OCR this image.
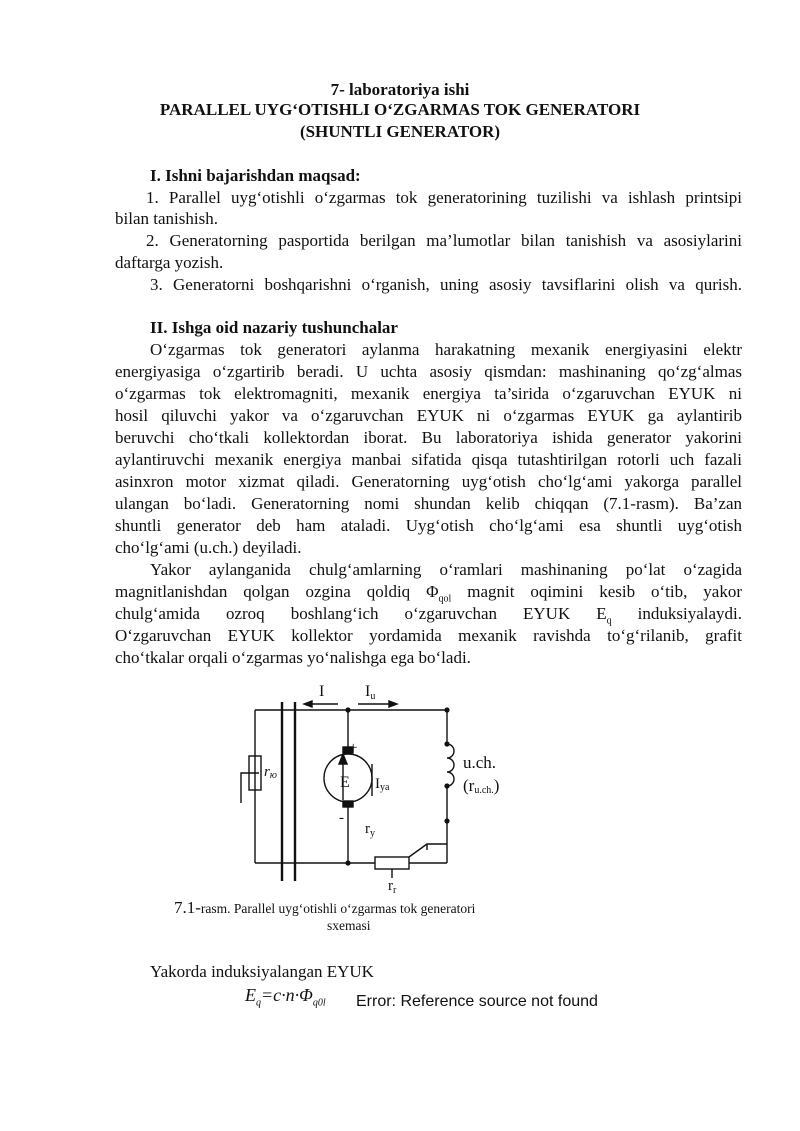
7- laboratoriya ishi
PARALLEL UYG‘OTISHLI O‘ZGARMAS TOK GENERATORI
(SHUNTLI GENERATOR)
I. Ishni bajarishdan maqsad:
1. Parallel uyg‘otishli o‘zgarmas tok generatorining tuzilishi va ishlash printsipi
bilan tanishish.
2. Generatorning pasportida berilgan ma’lumotlar bilan tanishish va asosiylarini
daftarga yozish.
3. Generatorni boshqarishni o‘rganish, uning asosiy tavsiflarini olish va qurish.
II. Ishga oid nazariy tushunchalar
O‘zgarmas tok generatori aylanma harakatning mexanik energiyasini elektr
energiyasiga o‘zgartirib beradi. U uchta asosiy qismdan: mashinaning qo‘zg‘almas
o‘zgarmas tok elektromagniti, mexanik energiya ta’sirida o‘zgaruvchan EYUK ni
hosil qiluvchi yakor va o‘zgaruvchan EYUK ni o‘zgarmas EYUK ga aylantirib
beruvchi cho‘tkali kollektordan iborat. Bu laboratoriya ishida generator yakorini
aylantiruvchi mexanik energiya manbai sifatida qisqa tutashtirilgan rotorli uch fazali
asinxron motor xizmat qiladi. Generatorning uyg‘otish cho‘lg‘ami yakorga parallel
ulangan bo‘ladi. Generatorning nomi shundan kelib chiqqan (7.1-rasm). Ba’zan
shuntli generator deb ham ataladi. Uyg‘otish cho‘lg‘ami esa shuntli uyg‘otish
cho‘lg‘ami (u.ch.) deyiladi.
Yakor aylanganida chulg‘amlarning o‘ramlari mashinaning po‘lat o‘zagida
magnitlanishdan qolgan ozgina qoldiq $\Phi_{qol}$ magnit oqimini kesib o‘tib, yakor
chulg‘amida ozroq boshlang‘ich o‘zgaruvchan EYUK $E_q$ induksiyalaydi.
O‘zgaruvchan EYUK kollektor yordamida mexanik ravishda to‘g‘rilanib, grafit
cho‘tkalar orqali o‘zgarmas yo‘nalishga ega bo‘ladi.
I	Iu
+
-
E Iya
rю
$r_y$
u.ch.
(ru.ch.)
$r_r$
7.1-rasm. Parallel uyg‘otishli o‘zgarmas tok generatori
sxemasi
Yakorda induksiyalangan EYUK
$E_q=c\cdot n\cdot\Phi_{q0l}$ Error: Reference source not found
